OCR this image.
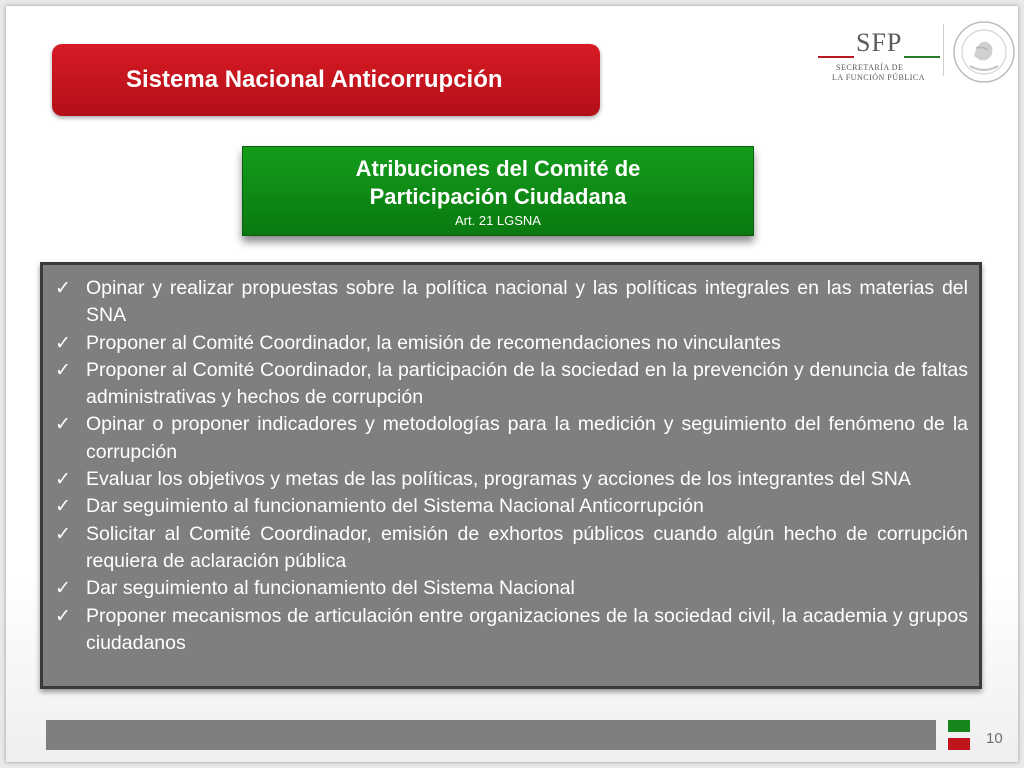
Sistema Nacional Anticorrupción
SFP
SECRETARÍA DE
LA FUNCIÓN PÚBLICA
Atribuciones del Comité de
Participación Ciudadana
Art. 21 LGSNA
✓ Opinar y realizar propuestas sobre la política nacional y las políticas integrales en las materias del SNA
✓ Proponer al Comité Coordinador, la emisión de recomendaciones no vinculantes
✓ Proponer al Comité Coordinador, la participación de la sociedad en la prevención y denuncia de faltas administrativas y hechos de corrupción
✓ Opinar o proponer indicadores y metodologías para la medición y seguimiento del fenómeno de la corrupción
✓ Evaluar los objetivos y metas de las políticas, programas y acciones de los integrantes del SNA
✓ Dar seguimiento al funcionamiento del Sistema Nacional Anticorrupción
✓ Solicitar al Comité Coordinador, emisión de exhortos públicos cuando algún hecho de corrupción requiera de aclaración pública
✓ Dar seguimiento al funcionamiento del Sistema Nacional
✓ Proponer mecanismos de articulación entre organizaciones de la sociedad civil, la academia y grupos ciudadanos
10
